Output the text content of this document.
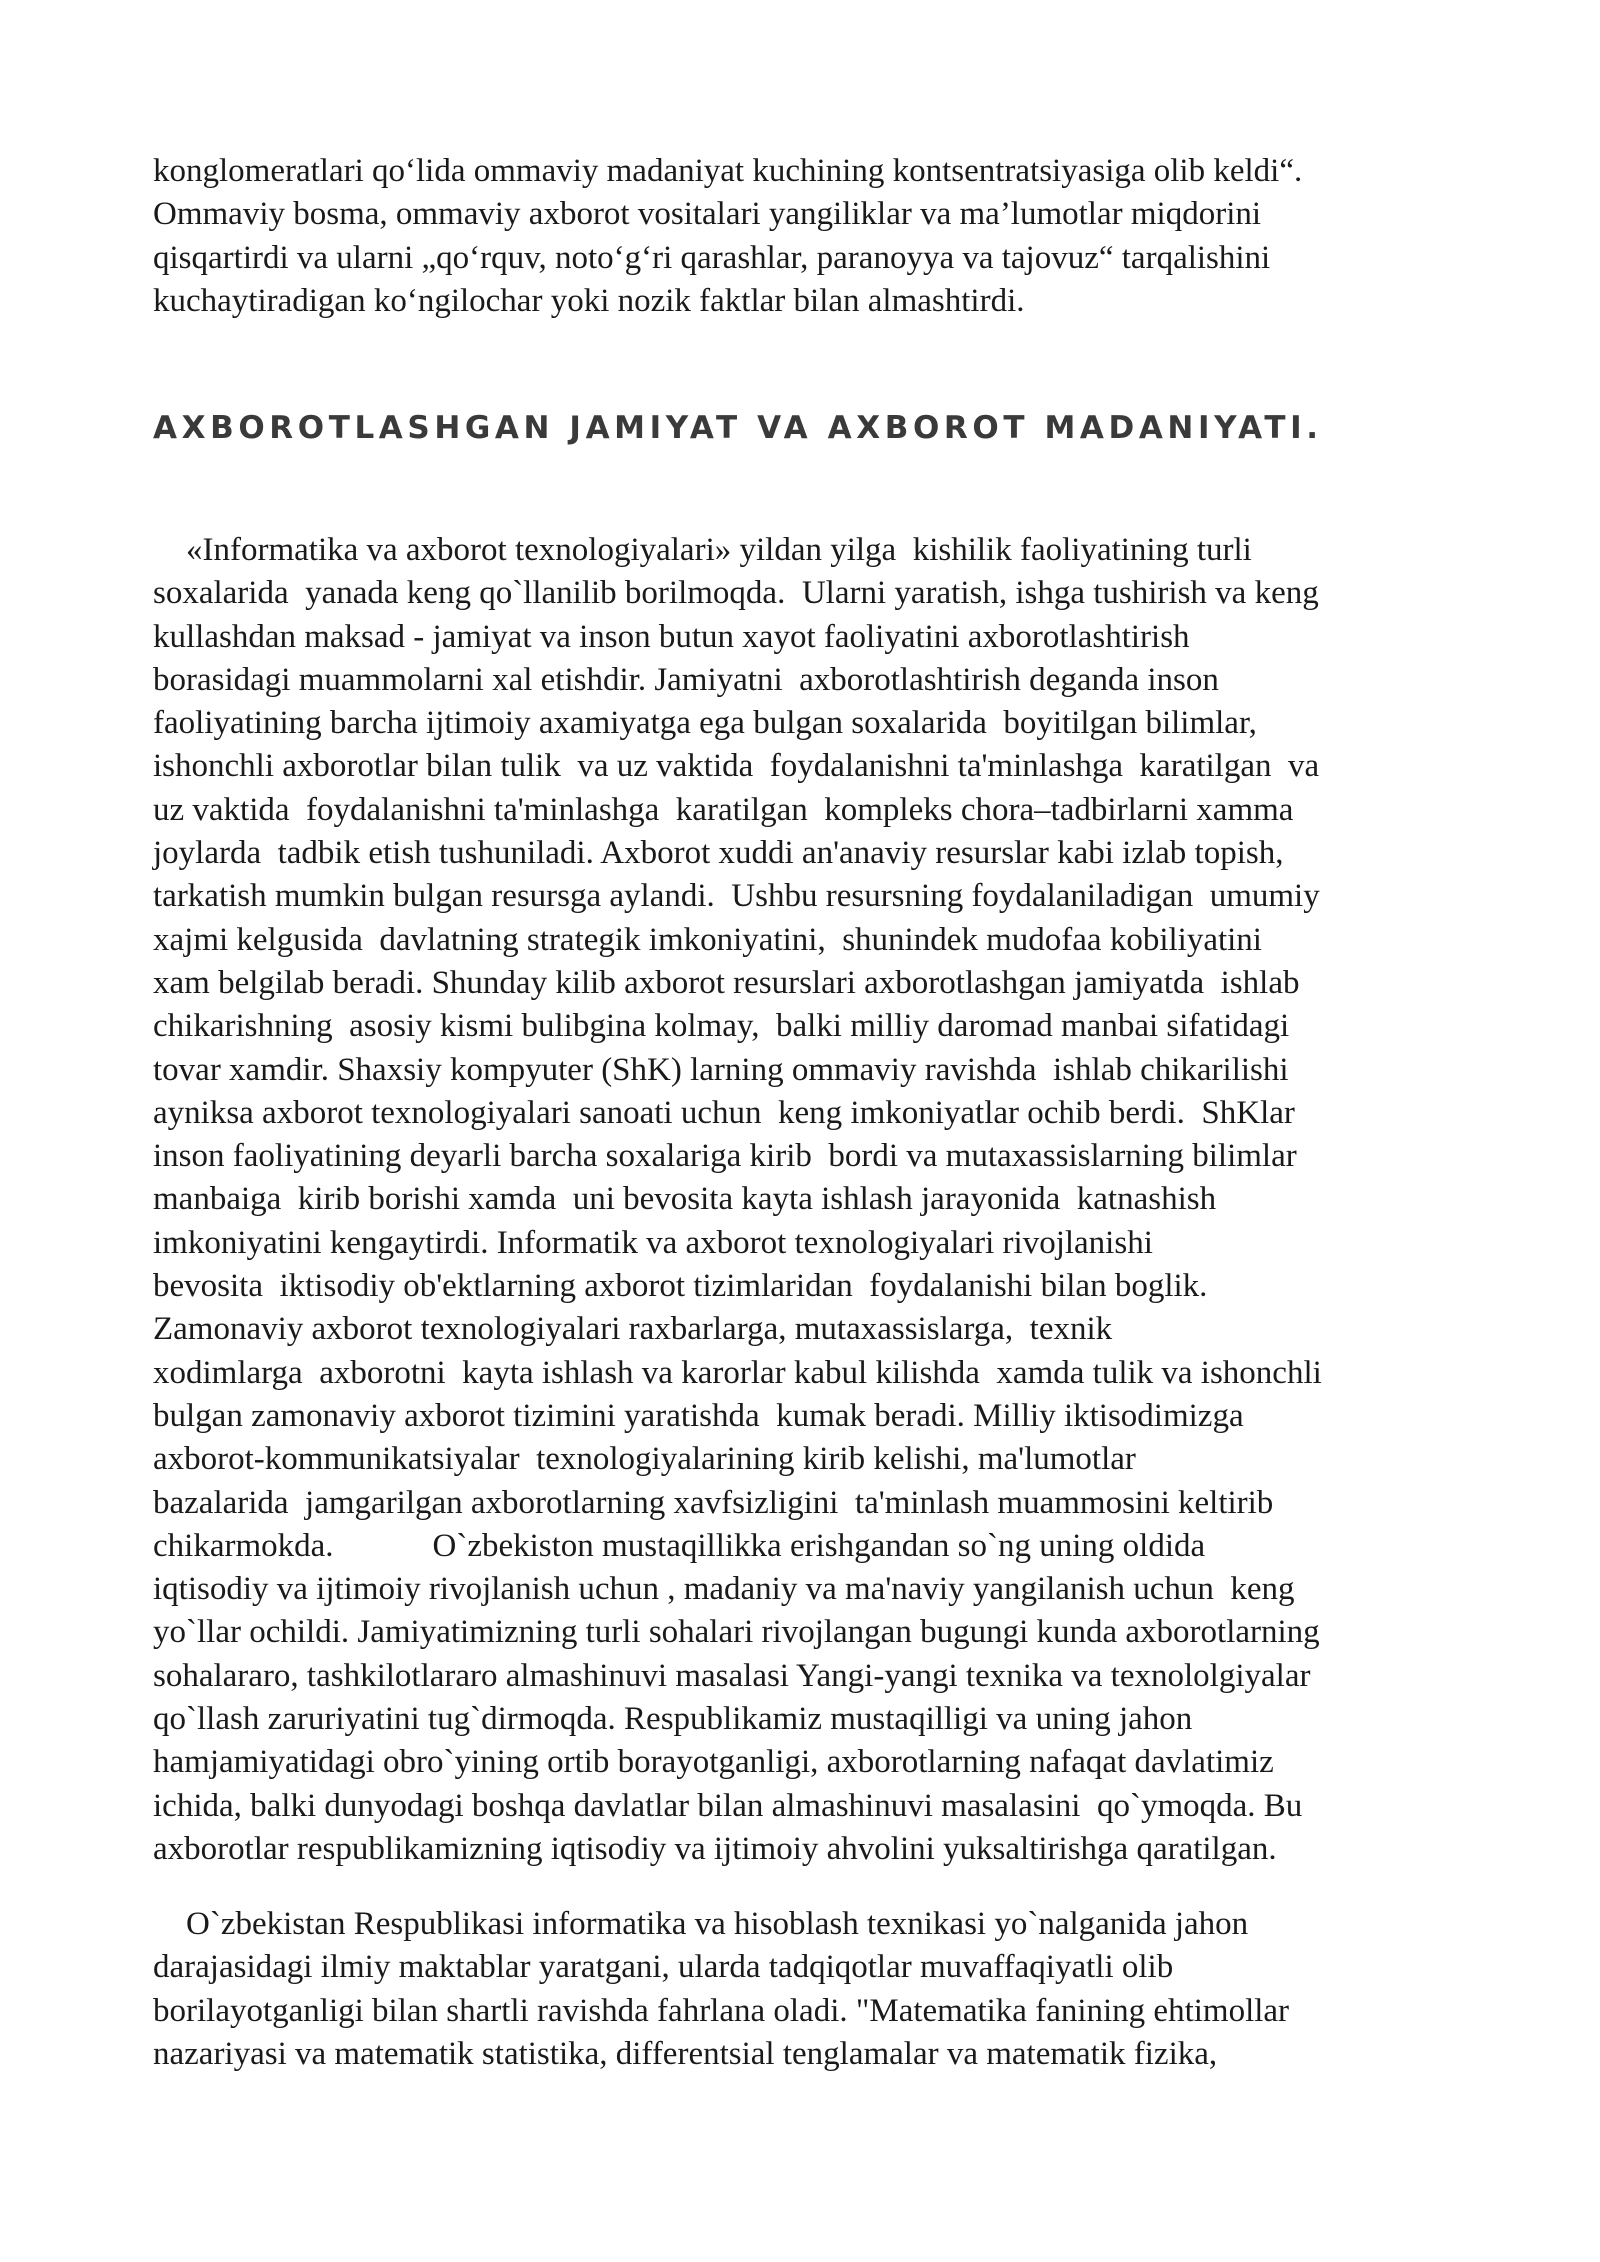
konglomeratlari qo‘lida ommaviy madaniyat kuchining kontsentratsiyasiga olib keldi“.
Ommaviy bosma, ommaviy axborot vositalari yangiliklar va ma’lumotlar miqdorini
qisqartirdi va ularni „qo‘rquv, noto‘g‘ri qarashlar, paranoyya va tajovuz“ tarqalishini
kuchaytiradigan ko‘ngilochar yoki nozik faktlar bilan almashtirdi.
AXBOROTLASHGAN JAMIYAT VA AXBOROT MADANIYATI.
«Informatika va axborot texnologiyalari» yildan yilga  kishilik faoliyatining turli
soxalarida  yanada keng qo`llanilib borilmoqda.  Ularni yaratish, ishga tushirish va keng
kullashdan maksad - jamiyat va inson butun xayot faoliyatini axborotlashtirish
borasidagi muammolarni xal etishdir. Jamiyatni  axborotlashtirish deganda inson
faoliyatining barcha ijtimoiy axamiyatga ega bulgan soxalarida  boyitilgan bilimlar,
ishonchli axborotlar bilan tulik  va uz vaktida  foydalanishni ta'minlashga  karatilgan  va
uz vaktida  foydalanishni ta'minlashga  karatilgan  kompleks chora–tadbirlarni xamma
joylarda  tadbik etish tushuniladi. Axborot xuddi an'anaviy resurslar kabi izlab topish,
tarkatish mumkin bulgan resursga aylandi.  Ushbu resursning foydalaniladigan  umumiy
xajmi kelgusida  davlatning strategik imkoniyatini,  shunindek mudofaa kobiliyatini
xam belgilab beradi. Shunday kilib axborot resurslari axborotlashgan jamiyatda  ishlab
chikarishning  asosiy kismi bulibgina kolmay,  balki milliy daromad manbai sifatidagi
tovar xamdir. Shaxsiy kompyuter (ShK) larning ommaviy ravishda  ishlab chikarilishi
ayniksa axborot texnologiyalari sanoati uchun  keng imkoniyatlar ochib berdi.  ShKlar
inson faoliyatining deyarli barcha soxalariga kirib  bordi va mutaxassislarning bilimlar
manbaiga  kirib borishi xamda  uni bevosita kayta ishlash jarayonida  katnashish
imkoniyatini kengaytirdi. Informatik va axborot texnologiyalari rivojlanishi
bevosita  iktisodiy ob'ektlarning axborot tizimlaridan  foydalanishi bilan boglik.
Zamonaviy axborot texnologiyalari raxbarlarga, mutaxassislarga,  texnik
xodimlarga  axborotni  kayta ishlash va karorlar kabul kilishda  xamda tulik va ishonchli
bulgan zamonaviy axborot tizimini yaratishda  kumak beradi. Milliy iktisodimizga
axborot-kommunikatsiyalar  texnologiyalarining kirib kelishi, ma'lumotlar
bazalarida  jamgarilgan axborotlarning xavfsizligini  ta'minlash muammosini keltirib
chikarmokda.            O`zbekiston mustaqillikka erishgandan so`ng uning oldida
iqtisodiy va ijtimoiy rivojlanish uchun , madaniy va ma'naviy yangilanish uchun  keng
yo`llar ochildi. Jamiyatimizning turli sohalari rivojlangan bugungi kunda axborotlarning
sohalararo, tashkilotlararo almashinuvi masalasi Yangi-yangi texnika va texnololgiyalar
qo`llash zaruriyatini tug`dirmoqda. Respublikamiz mustaqilligi va uning jahon
hamjamiyatidagi obro`yining ortib borayotganligi, axborotlarning nafaqat davlatimiz
ichida, balki dunyodagi boshqa davlatlar bilan almashinuvi masalasini  qo`ymoqda. Bu
axborotlar respublikamizning iqtisodiy va ijtimoiy ahvolini yuksaltirishga qaratilgan.
O`zbekistan Respublikasi informatika va hisoblash texnikasi yo`nalganida jahon
darajasidagi ilmiy maktablar yaratgani, ularda tadqiqotlar muvaffaqiyatli olib
borilayotganligi bilan shartli ravishda fahrlana oladi. "Matematika fanining ehtimollar
nazariyasi va matematik statistika, differentsial tenglamalar va matematik fizika,
